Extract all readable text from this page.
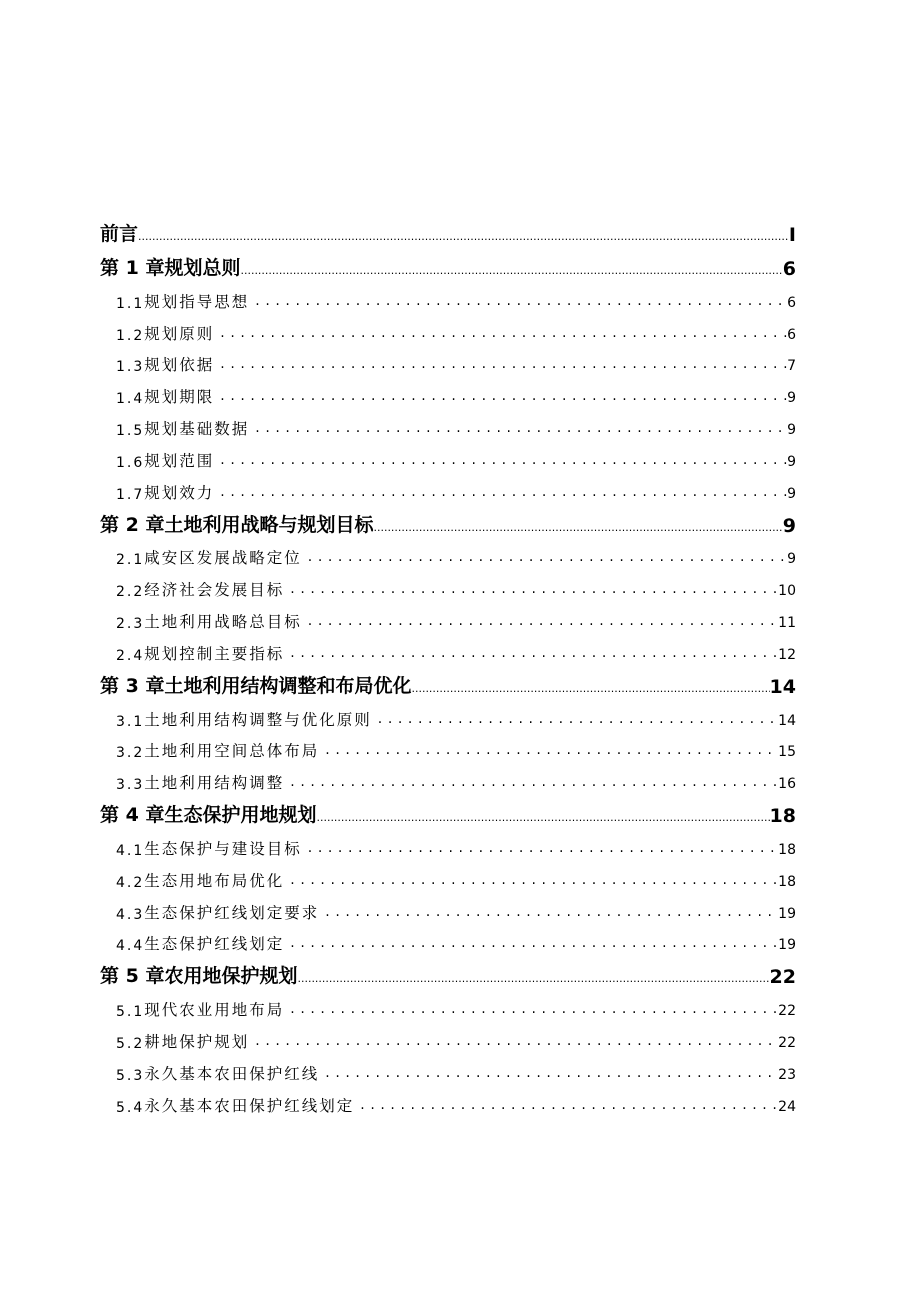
前言 .....	I
第 1 章规划总则 .....	6
1.1 规划指导思想 .....	6
1.2 规划原则 .....	6
1.3 规划依据 .....	7
1.4 规划期限 .....	9
1.5 规划基础数据 .....	9
1.6 规划范围 .....	9
1.7 规划效力 .....	9
第 2 章土地利用战略与规划目标 .....	9
2.1 咸安区发展战略定位 .....	9
2.2 经济社会发展目标 .....	10
2.3 土地利用战略总目标 .....	11
2.4 规划控制主要指标 .....	12
第 3 章土地利用结构调整和布局优化 .....	14
3.1 土地利用结构调整与优化原则 .....	14
3.2 土地利用空间总体布局 .....	15
3.3 土地利用结构调整 .....	16
第 4 章生态保护用地规划 .....	18
4.1 生态保护与建设目标 .....	18
4.2 生态用地布局优化 .....	18
4.3 生态保护红线划定要求 .....	19
4.4 生态保护红线划定 .....	19
第 5 章农用地保护规划 .....	22
5.1 现代农业用地布局 .....	22
5.2 耕地保护规划 .....	22
5.3 永久基本农田保护红线 .....	23
5.4 永久基本农田保护红线划定 .....	24
